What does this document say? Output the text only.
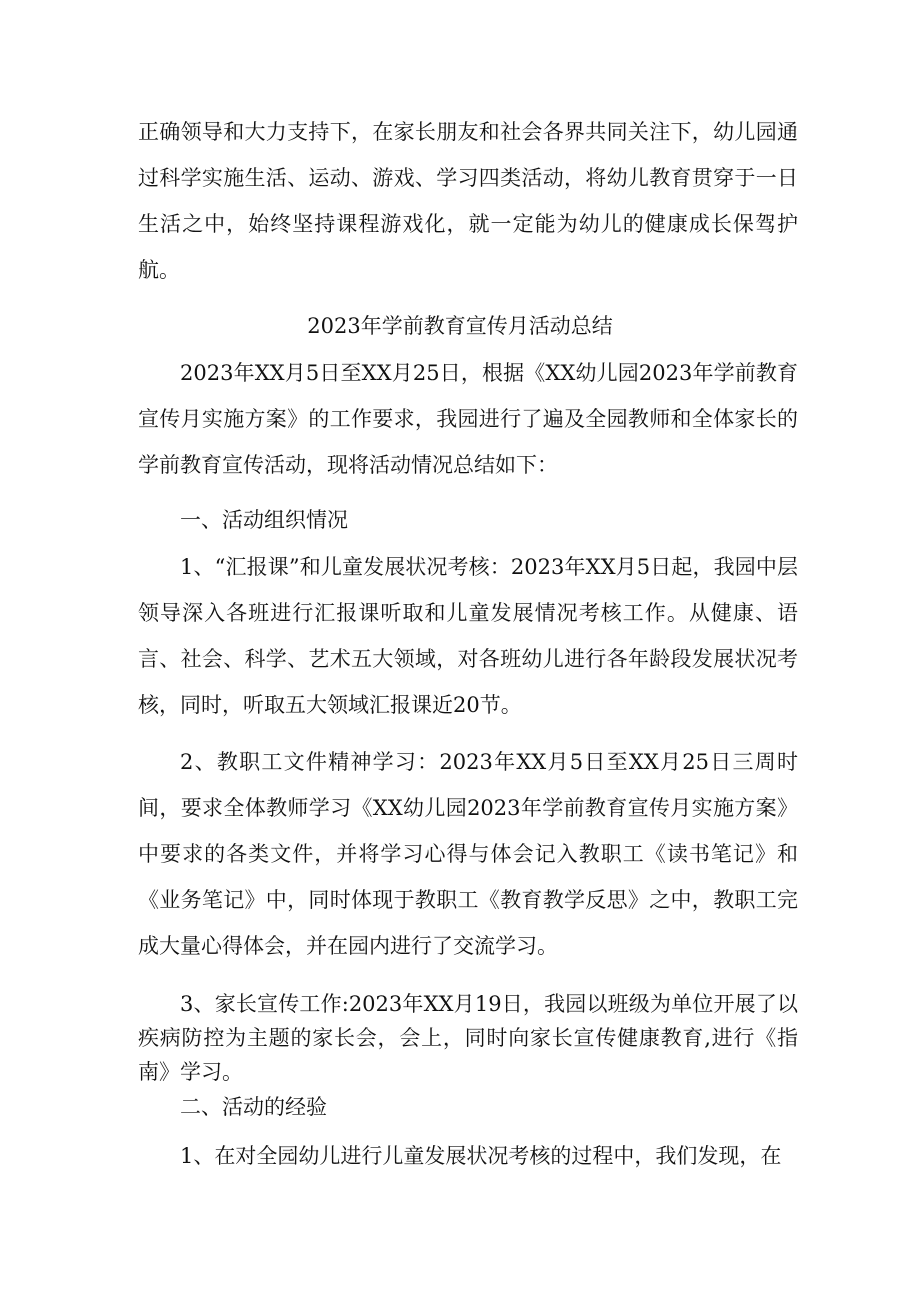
正确领导和大力支持下，在家长朋友和社会各界共同关注下，幼儿园通过科学实施生活、运动、游戏、学习四类活动，将幼儿教育贯穿于一日生活之中，始终坚持课程游戏化，就一定能为幼儿的健康成长保驾护航。

2023年学前教育宣传月活动总结

2023年XX月5日至XX月25日，根据《XX幼儿园2023年学前教育宣传月实施方案》的工作要求，我园进行了遍及全园教师和全体家长的学前教育宣传活动，现将活动情况总结如下：

一、活动组织情况

1、“汇报课”和儿童发展状况考核：2023年XX月5日起，我园中层领导深入各班进行汇报课听取和儿童发展情况考核工作。从健康、语言、社会、科学、艺术五大领域，对各班幼儿进行各年龄段发展状况考核，同时，听取五大领域汇报课近20节。

2、教职工文件精神学习：2023年XX月5日至XX月25日三周时间，要求全体教师学习《XX幼儿园2023年学前教育宣传月实施方案》中要求的各类文件，并将学习心得与体会记入教职工《读书笔记》和《业务笔记》中，同时体现于教职工《教育教学反思》之中，教职工完成大量心得体会，并在园内进行了交流学习。

3、家长宣传工作:2023年XX月19日，我园以班级为单位开展了以疾病防控为主题的家长会，会上，同时向家长宣传健康教育,进行《指南》学习。

二、活动的经验

1、在对全园幼儿进行儿童发展状况考核的过程中，我们发现，在
